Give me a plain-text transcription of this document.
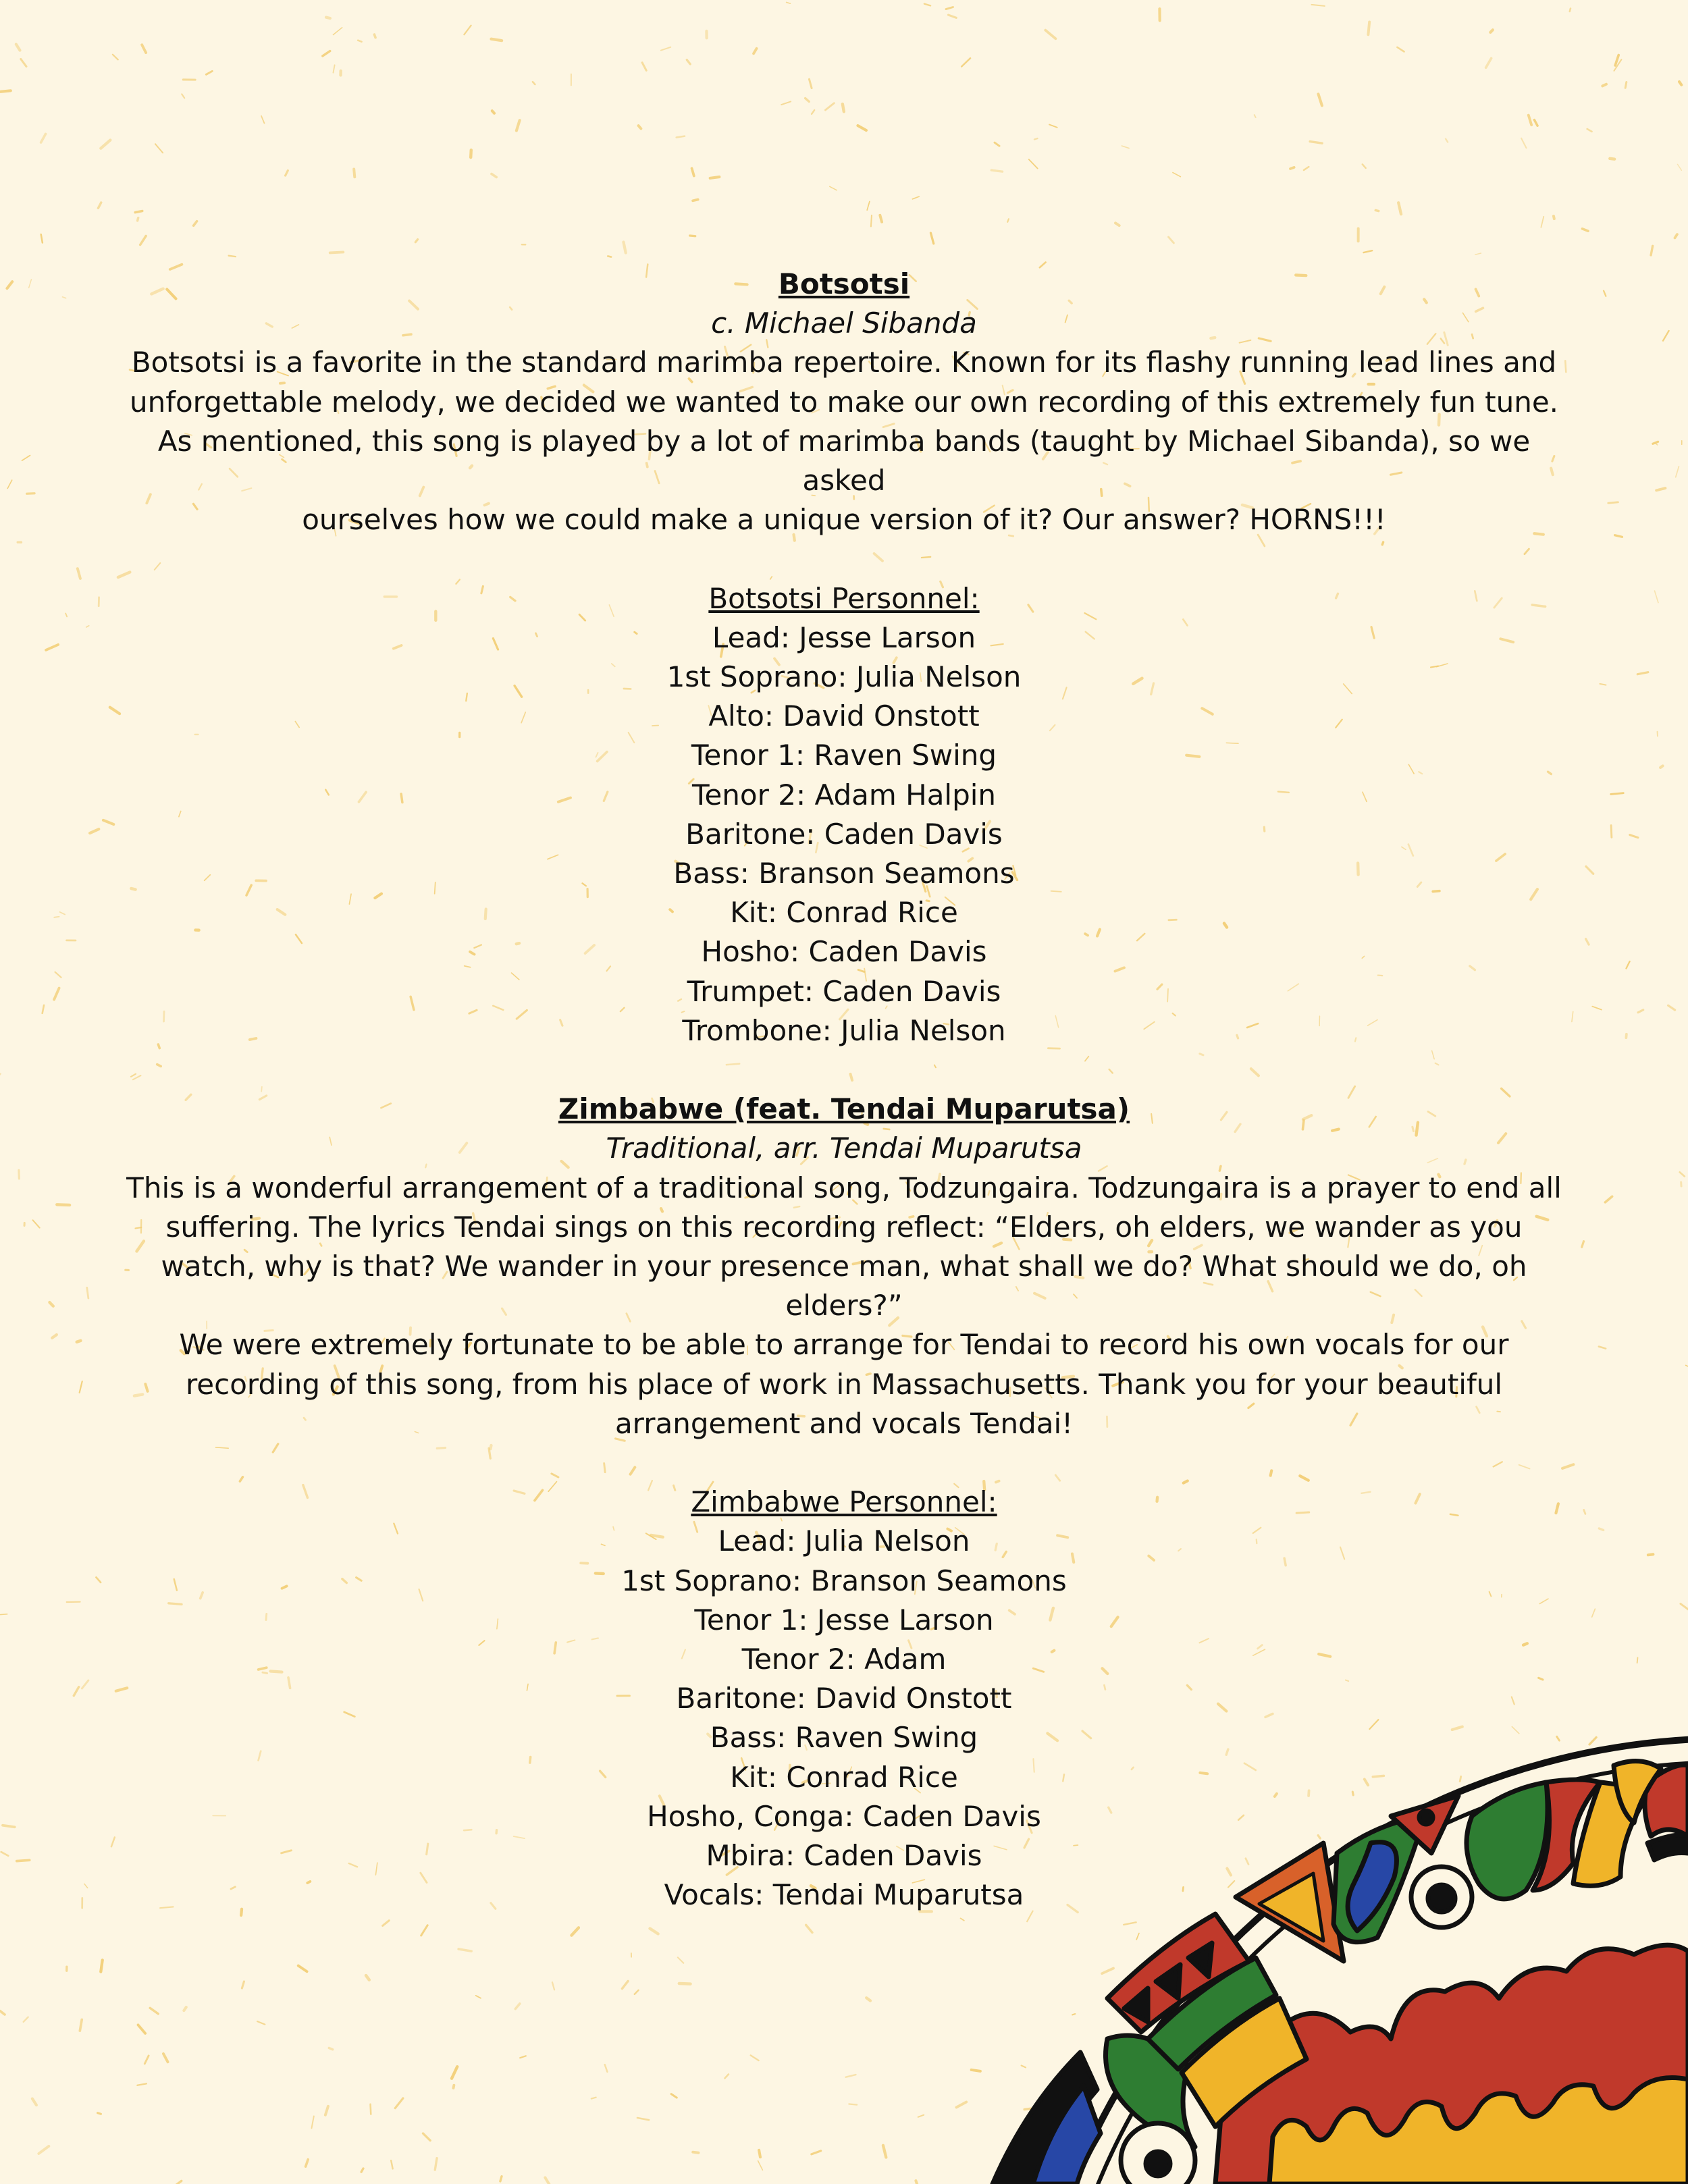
Botsotsi
c. Michael Sibanda
Botsotsi is a favorite in the standard marimba repertoire. Known for its flashy running lead lines and
unforgettable melody, we decided we wanted to make our own recording of this extremely fun tune.
As mentioned, this song is played by a lot of marimba bands (taught by Michael Sibanda), so we asked
ourselves how we could make a unique version of it? Our answer? HORNS!!!
Botsotsi Personnel:
Lead: Jesse Larson
1st Soprano: Julia Nelson
Alto: David Onstott
Tenor 1: Raven Swing
Tenor 2: Adam Halpin
Baritone: Caden Davis
Bass: Branson Seamons
Kit: Conrad Rice
Hosho: Caden Davis
Trumpet: Caden Davis
Trombone: Julia Nelson
Zimbabwe (feat. Tendai Muparutsa)
Traditional, arr. Tendai Muparutsa
This is a wonderful arrangement of a traditional song, Todzungaira. Todzungaira is a prayer to end all
suffering. The lyrics Tendai sings on this recording reflect: “Elders, oh elders, we wander as you
watch, why is that? We wander in your presence man, what shall we do? What should we do, oh
elders?”
We were extremely fortunate to be able to arrange for Tendai to record his own vocals for our
recording of this song, from his place of work in Massachusetts. Thank you for your beautiful
arrangement and vocals Tendai!
Zimbabwe Personnel:
Lead: Julia Nelson
1st Soprano: Branson Seamons
Tenor 1: Jesse Larson
Tenor 2: Adam
Baritone: David Onstott
Bass: Raven Swing
Kit: Conrad Rice
Hosho, Conga: Caden Davis
Mbira: Caden Davis
Vocals: Tendai Muparutsa
